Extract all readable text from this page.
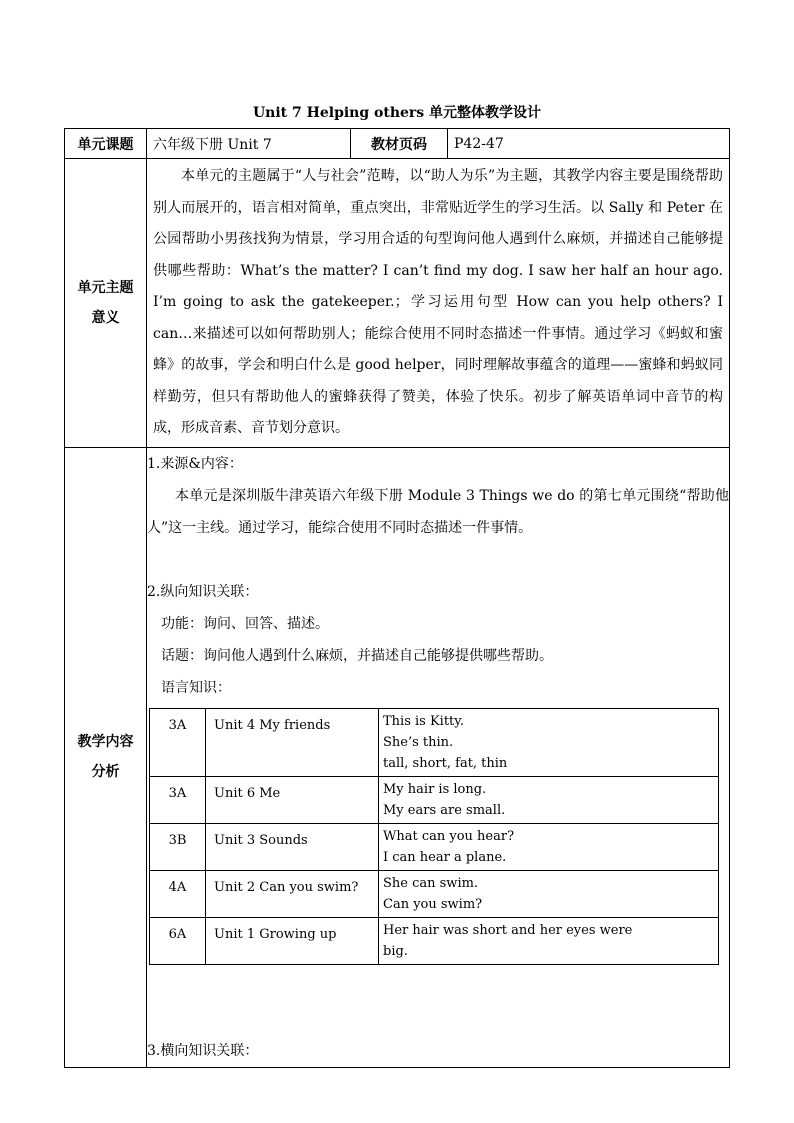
Unit 7 Helping others 单元整体教学设计
单元课题	六年级下册 Unit 7	教材页码	P42-47

单元主题
意义

本单元的主题属于“人与社会”范畴，以“助人为乐”为主题，其教学内容主要是围绕帮助别人而展开的，语言相对简单，重点突出，非常贴近学生的学习生活。以 Sally 和 Peter 在公园帮助小男孩找狗为情景，学习用合适的句型询问他人遇到什么麻烦，并描述自己能够提供哪些帮助：What’s the matter? I can’t find my dog. I saw her half an hour ago. I’m going to ask the gatekeeper.；学习运用句型 How can you help others? I can…来描述可以如何帮助别人；能综合使用不同时态描述一件事情。通过学习《蚂蚁和蜜蜂》的故事，学会和明白什么是 good helper，同时理解故事蕴含的道理——蜜蜂和蚂蚁同样勤劳，但只有帮助他人的蜜蜂获得了赞美，体验了快乐。初步了解英语单词中音节的构成，形成音素、音节划分意识。

教学内容
分析

1.来源&内容：
本单元是深圳版牛津英语六年级下册 Module 3 Things we do 的第七单元围绕“帮助他人”这一主线。通过学习，能综合使用不同时态描述一件事情。
2.纵向知识关联：
功能：询问、回答、描述。
话题：询问他人遇到什么麻烦，并描述自己能够提供哪些帮助。
语言知识：
3A	Unit 4 My friends	This is Kitty.
She’s thin.
tall, short, fat, thin

3A	Unit 6 Me	My hair is long.
My ears are small.

3B	Unit 3 Sounds	What can you hear?
I can hear a plane.

4A	Unit 2 Can you swim?	She can swim.
Can you swim?

6A	Unit 1 Growing up	Her hair was short and her eyes were
big.
3.横向知识关联：
